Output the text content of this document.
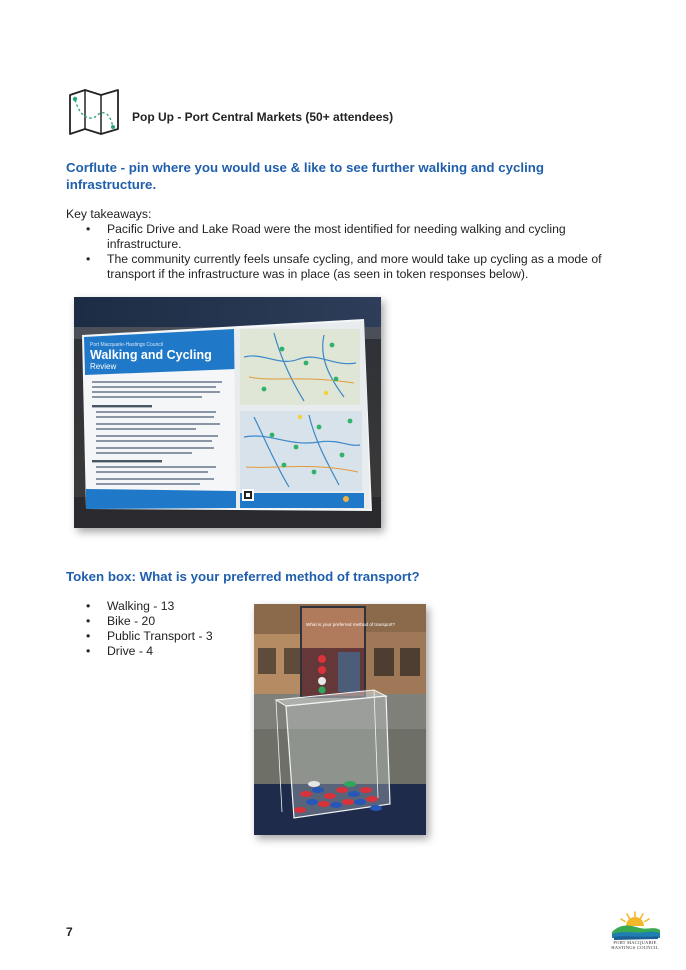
Pop Up - Port Central Markets (50+ attendees)
Corflute - pin where you would use & like to see further walking and cycling infrastructure.
Key takeaways:
• Pacific Drive and Lake Road were the most identified for needing walking and cycling infrastructure.
• The community currently feels unsafe cycling, and more would take up cycling as a mode of transport if the infrastructure was in place (as seen in token responses below).
Port Macquarie-Hastings Council
Walking and Cycling
Review
Token box: What is your preferred method of transport?
• Walking - 13
• Bike - 20
• Public Transport - 3
• Drive - 4
What is your preferred method of transport?
7
PORT MACQUARIE
HASTINGS COUNCIL
